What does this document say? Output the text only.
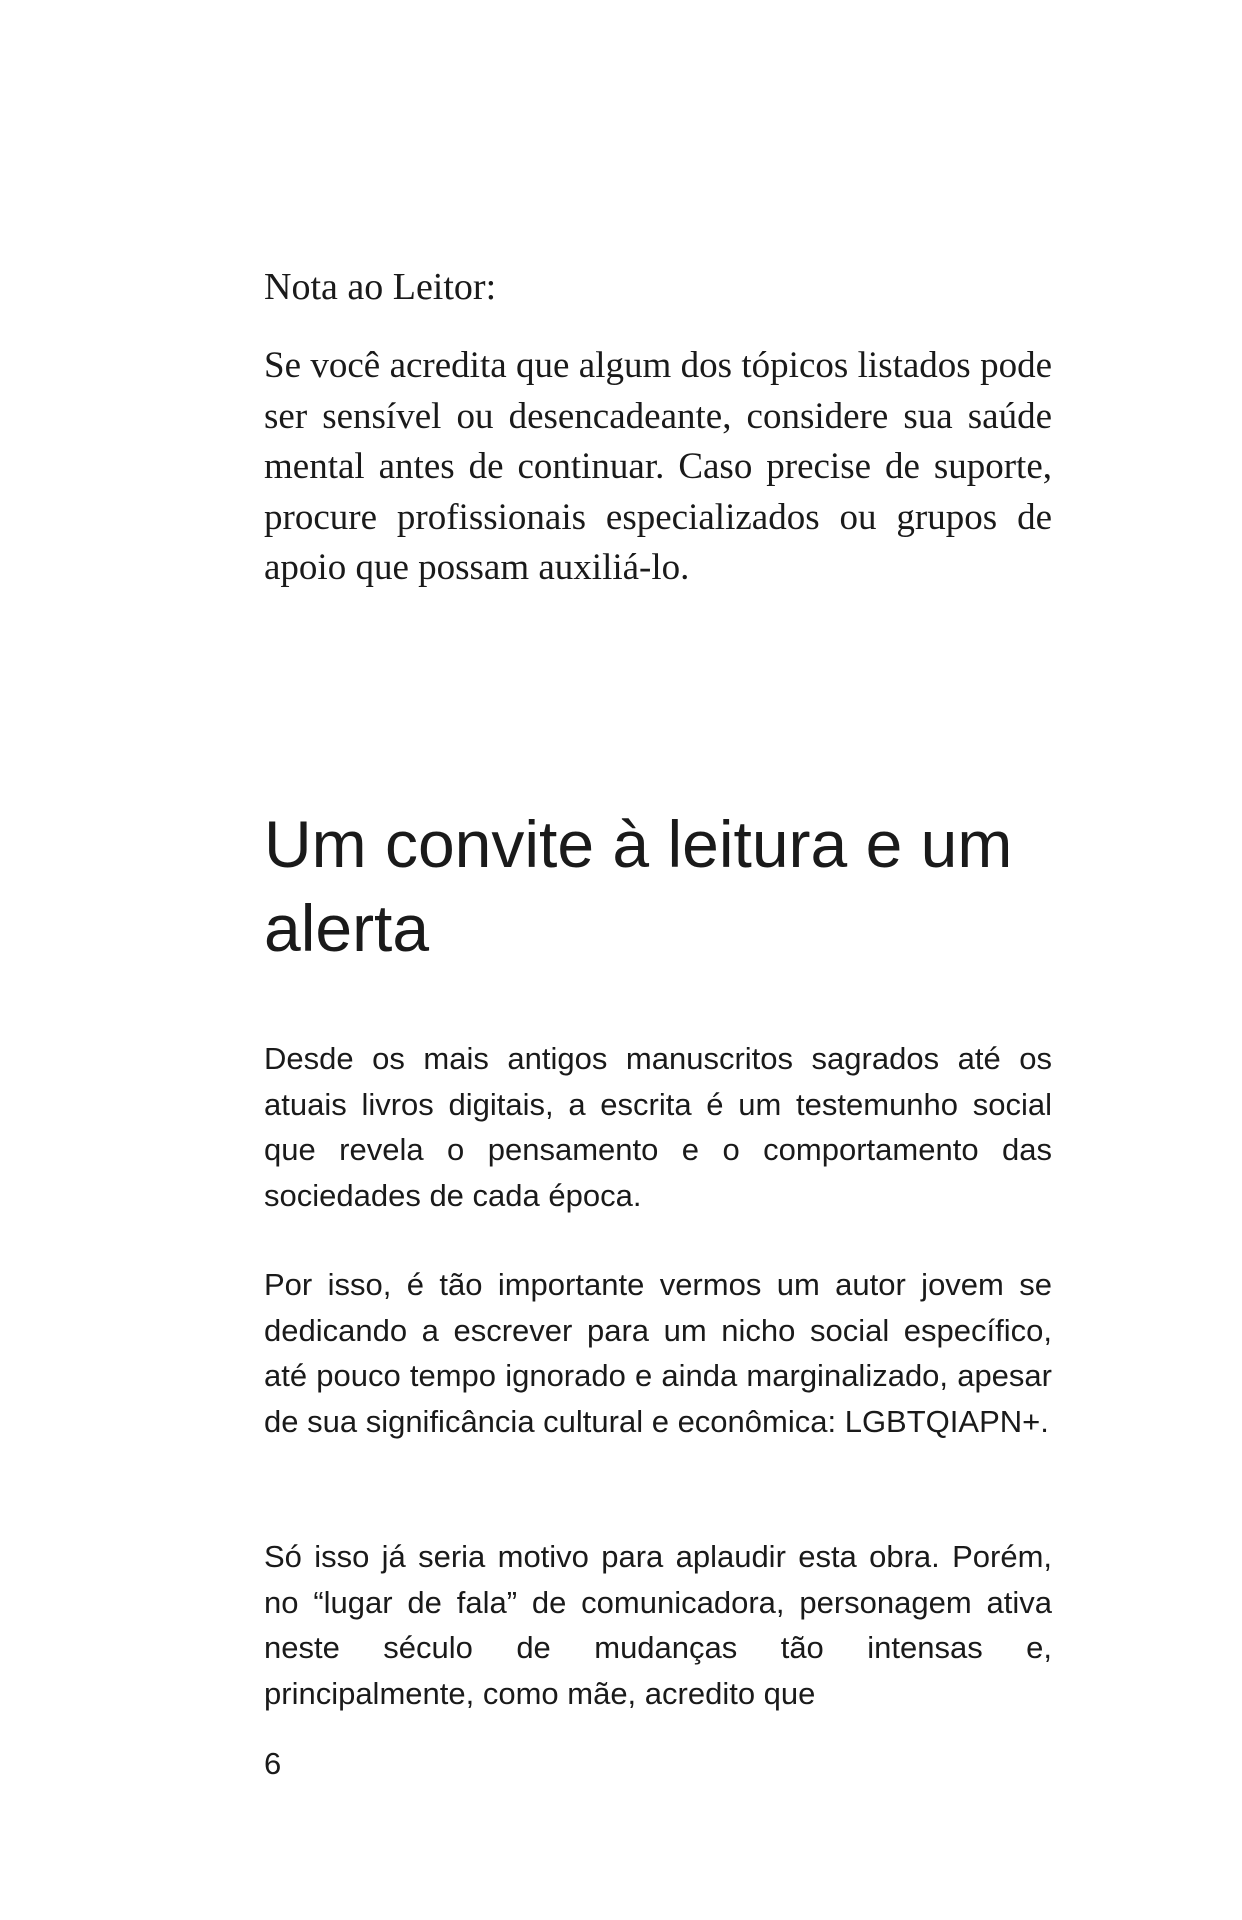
Nota ao Leitor:

Se você acredita que algum dos tópicos listados pode ser sensível ou desencadeante, considere sua saúde mental antes de continuar. Caso precise de suporte, procure profissionais especializados ou grupos de apoio que possam auxiliá-lo.

Um convite à leitura e um alerta

Desde os mais antigos manuscritos sagrados até os atuais livros digitais, a escrita é um testemunho social que revela o pensamento e o comportamento das sociedades de cada época.

Por isso, é tão importante vermos um autor jovem se dedicando a escrever para um nicho social específico, até pouco tempo ignorado e ainda marginalizado, apesar de sua significância cultural e econômica: LGBTQIAPN+.

Só isso já seria motivo para aplaudir esta obra. Porém, no “lugar de fala” de comunicadora, personagem ativa neste século de mudanças tão intensas e, principalmente, como mãe, acredito que

6
